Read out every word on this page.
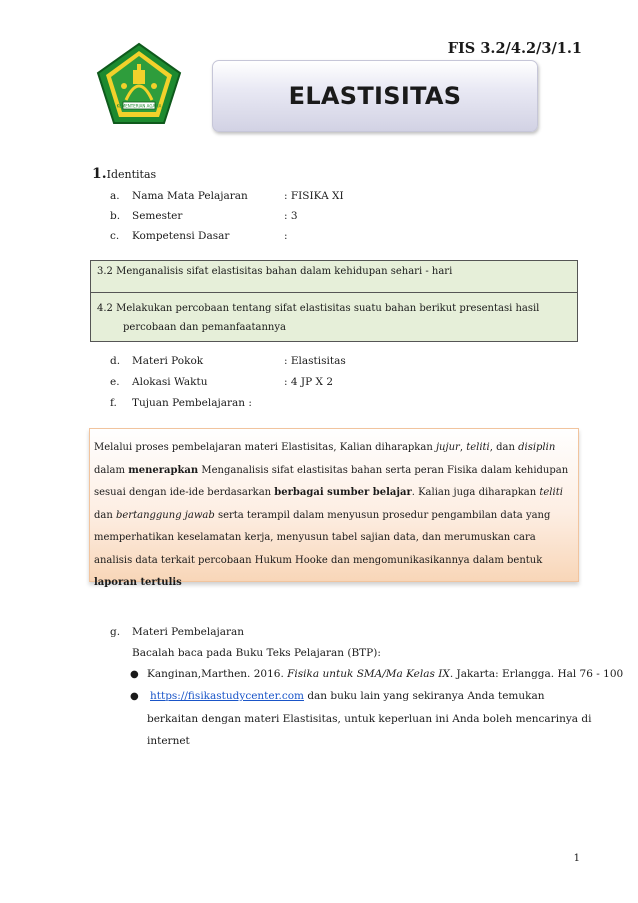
FIS 3.2/4.2/3/1.1
KEMENTERIAN AGAMA	ELASTISITAS
1.Identitas
a. Nama Mata Pelajaran	: FISIKA XI
b. Semester	: 3
c. Kompetensi Dasar	:
3.2 Menganalisis sifat elastisitas bahan dalam kehidupan sehari - hari
4.2 Melakukan percobaan tentang sifat elastisitas suatu bahan berikut presentasi hasil
percobaan dan pemanfaatannya
d. Materi Pokok	: Elastisitas
e. Alokasi Waktu	: 4 JP X 2
f. Tujuan Pembelajaran :
Melalui proses pembelajaran materi Elastisitas, Kalian diharapkan jujur, teliti, dan disiplin
dalam menerapkan Menganalisis sifat elastisitas bahan serta peran Fisika dalam kehidupan
sesuai dengan ide-ide berdasarkan berbagai sumber belajar. Kalian juga diharapkan teliti
dan bertanggung jawab serta terampil dalam menyusun prosedur pengambilan data yang
memperhatikan keselamatan kerja, menyusun tabel sajian data, dan merumuskan cara
analisis data terkait percobaan Hukum Hooke dan mengomunikasikannya dalam bentuk
laporan tertulis
g. Materi Pembelajaran
Bacalah baca pada Buku Teks Pelajaran (BTP):
● Kanginan,Marthen. 2016. Fisika untuk SMA/Ma Kelas IX. Jakarta: Erlangga. Hal 76 - 100
● https://fisikastudycenter.com dan buku lain yang sekiranya Anda temukan
berkaitan dengan materi Elastisitas, untuk keperluan ini Anda boleh mencarinya di
internet
1
